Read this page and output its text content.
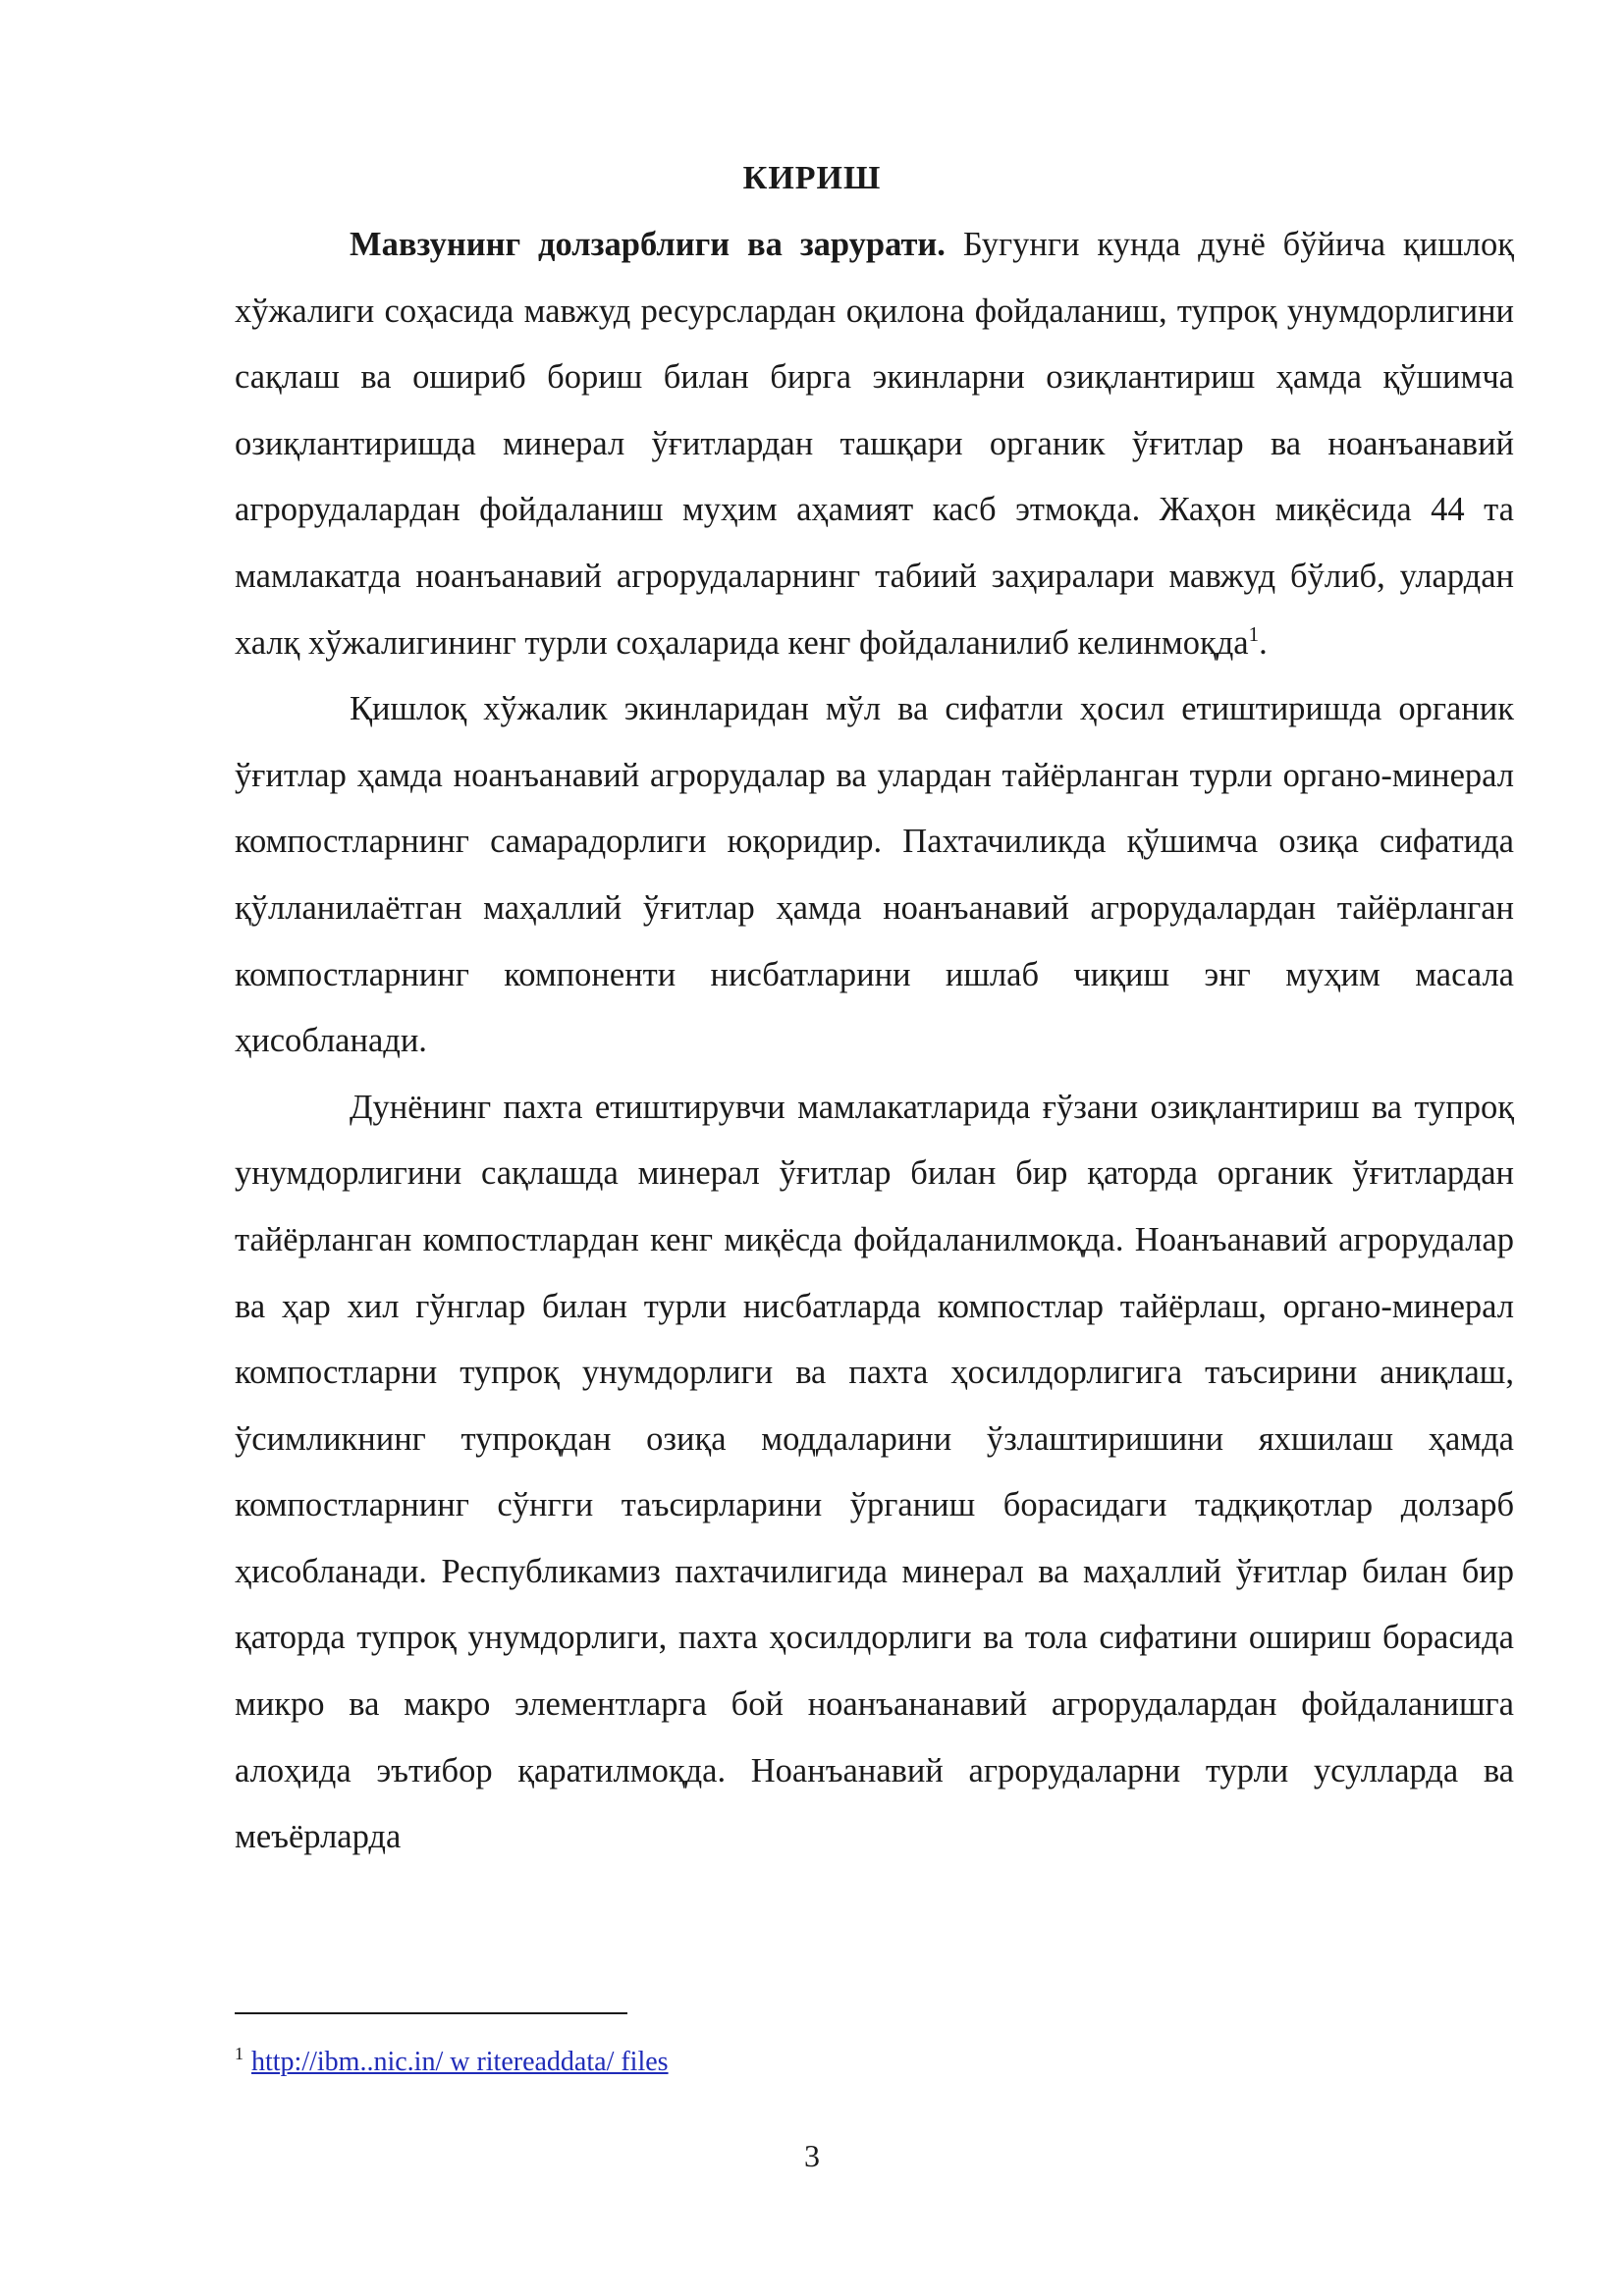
КИРИШ

Мавзунинг долзарблиги ва зарурати. Бугунги кунда дунё бўйича қишлоқ хўжалиги соҳасида мавжуд ресурслардан оқилона фойдаланиш, тупроқ унумдорлигини сақлаш ва ошириб бориш билан бирга экинларни озиқлантириш ҳамда қўшимча озиқлантиришда минерал ўғитлардан ташқари органик ўғитлар ва ноанъанавий агрорудалардан фойдаланиш муҳим аҳамият касб этмоқда. Жаҳон миқёсида 44 та мамлакатда ноанъанавий агрорудаларнинг табиий заҳиралари мавжуд бўлиб, улардан халқ хўжалигининг турли соҳаларида кенг фойдаланилиб келинмоқда$^1$.

Қишлоқ хўжалик экинларидан мўл ва сифатли ҳосил етиштиришда органик ўғитлар ҳамда ноанъанавий агрорудалар ва улардан тайёрланган турли органо-минерал компостларнинг самарадорлиги юқоридир. Пахтачиликда қўшимча озиқа сифатида қўлланилаётган маҳаллий ўғитлар ҳамда ноанъанавий агрорудалардан тайёрланган компостларнинг компоненти нисбатларини ишлаб чиқиш энг муҳим масала ҳисобланади.

Дунёнинг пахта етиштирувчи мамлакатларида ғўзани озиқлантириш ва тупроқ унумдорлигини сақлашда минерал ўғитлар билан бир қаторда органик ўғитлардан тайёрланган компостлардан кенг миқёсда фойдаланилмоқда. Ноанъанавий агрорудалар ва ҳар хил гўнглар билан турли нисбатларда компостлар тайёрлаш, органо-минерал компостларни тупроқ унумдорлиги ва пахта ҳосилдорлигига таъсирини аниқлаш, ўсимликнинг тупроқдан озиқа моддаларини ўзлаштиришини яхшилаш ҳамда компостларнинг сўнгги таъсирларини ўрганиш борасидаги тадқиқотлар долзарб ҳисобланади. Республикамиз пахтачилигида минерал ва маҳаллий ўғитлар билан бир қаторда тупроқ унумдорлиги, пахта ҳосилдорлиги ва тола сифатини ошириш борасида микро ва макро элементларга бой ноанъананавий агрорудалардан фойдаланишга алоҳида эътибор қаратилмоқда. Ноанъанавий агрорудаларни турли усулларда ва меъёрларда

$^1$ http://ibm..nic.in/ w ritereaddata/ files
3
